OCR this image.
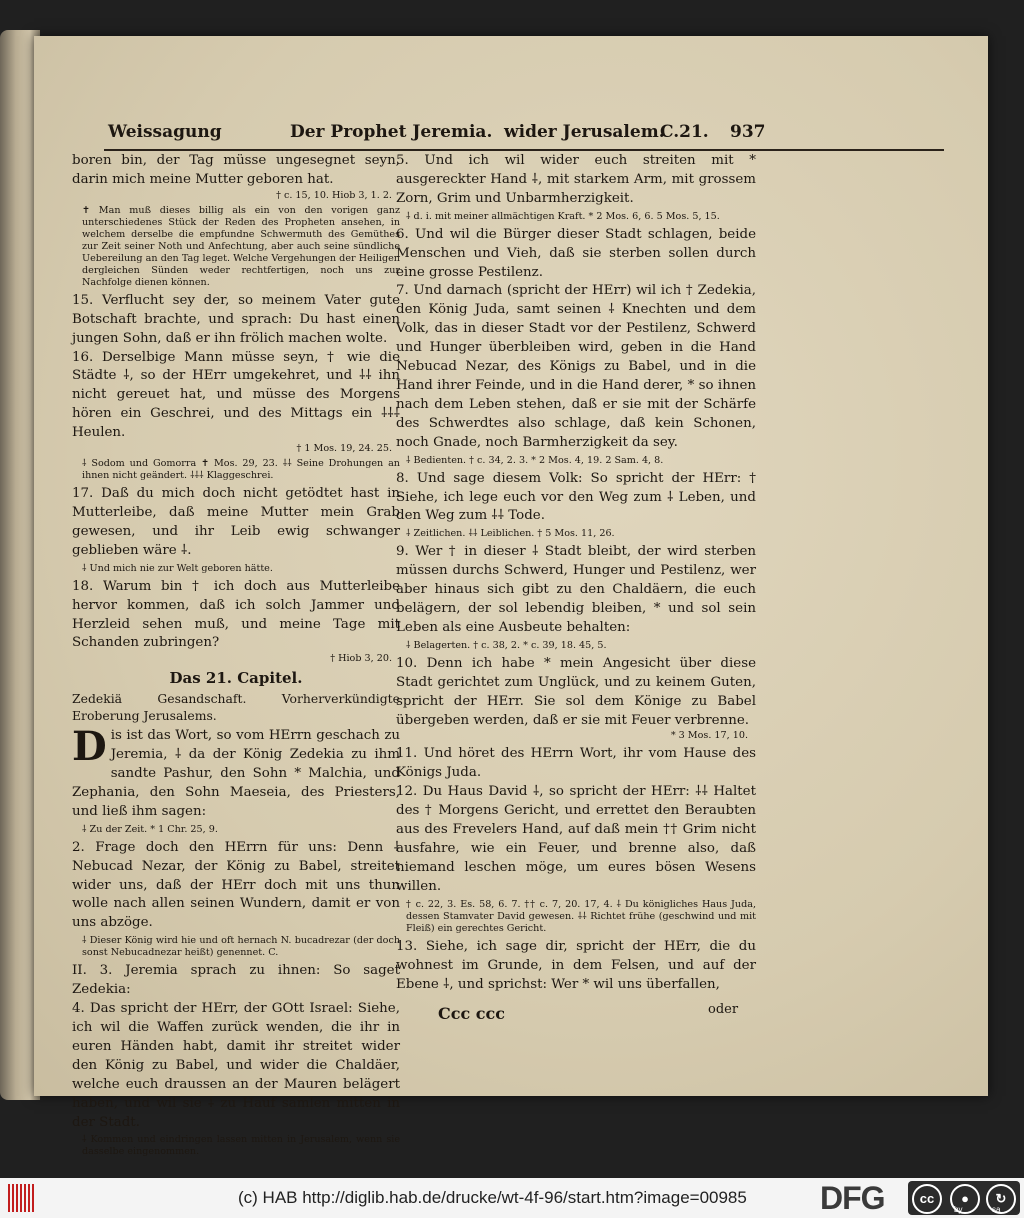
Weissagung	Der Prophet Jeremia. wider Jerusalem.
C.21. 937

boren bin, der Tag müsse ungesegnet seyn, darin mich meine Mutter geboren hat.

† c. 15, 10. Hiob 3, 1. 2.

✝ Man muß dieses billig als ein von den vorigen ganz unterschiedenes Stück der Reden des Propheten ansehen, in welchem derselbe die empfundne Schwermuth des Gemüthes zur Zeit seiner Noth und Anfechtung, aber auch seine sündliche Uebereilung an den Tag leget. Welche Vergehungen der Heiligen dergleichen Sünden weder rechtfertigen, noch uns zur Nachfolge dienen können.

15. Verflucht sey der, so meinem Vater gute Botschaft brachte, und sprach: Du hast einen jungen Sohn, daß er ihn frölich machen wolte.

16. Derselbige Mann müsse seyn, † wie die Städte ⸸, so der HErr umgekehret, und ⸸⸸ ihn nicht gereuet hat, und müsse des Morgens hören ein Geschrei, und des Mittags ein ⸸⸸⸸ Heulen.

† 1 Mos. 19, 24. 25.

⸸ Sodom und Gomorra ✝ Mos. 29, 23. ⸸⸸ Seine Drohungen an ihnen nicht geändert. ⸸⸸⸸ Klaggeschrei.

17. Daß du mich doch nicht getödtet hast in Mutterleibe, daß meine Mutter mein Grab gewesen, und ihr Leib ewig schwanger geblieben wäre ⸸.

⸸ Und mich nie zur Welt geboren hätte.

18. Warum bin † ich doch aus Mutterleibe hervor kommen, daß ich solch Jammer und Herzleid sehen muß, und meine Tage mit Schanden zubringen?

† Hiob 3, 20.

Das 21. Capitel.

Zedekiä Gesandschaft. Vorherverkündigte Eroberung Jerusalems.

Dis ist das Wort, so vom HErrn geschach zu Jeremia, ⸸ da der König Zedekia zu ihm sandte Pashur, den Sohn * Malchia, und Zephania, den Sohn Maeseia, des Priesters, und ließ ihm sagen:

⸸ Zu der Zeit. * 1 Chr. 25, 9.

2. Frage doch den HErrn für uns: Denn ⸸ Nebucad Nezar, der König zu Babel, streitet wider uns, daß der HErr doch mit uns thun wolle nach allen seinen Wundern, damit er von uns abzöge.

⸸ Dieser König wird hie und oft hernach N. bucadrezar (der doch sonst Nebucadnezar heißt) genennet. C.

II. 3. Jeremia sprach zu ihnen: So saget Zedekia:

4. Das spricht der HErr, der GOtt Israel: Siehe, ich wil die Waffen zurück wenden, die ihr in euren Händen habt, damit ihr streitet wider den König zu Babel, und wider die Chaldäer, welche euch draussen an der Mauren belägert haben, und wil sie ⸸ zu Hauf samlen mitten in der Stadt.

⸸ Kommen und eindringen lassen mitten in Jerusalem, wenn sie dasselbe eingenommen.

5. Und ich wil wider euch streiten mit * ausgereckter Hand ⸸, mit starkem Arm, mit grossem Zorn, Grim und Unbarmherzigkeit.

⸸ d. i. mit meiner allmächtigen Kraft. * 2 Mos. 6, 6. 5 Mos. 5, 15.

6. Und wil die Bürger dieser Stadt schlagen, beide Menschen und Vieh, daß sie sterben sollen durch eine grosse Pestilenz.

7. Und darnach (spricht der HErr) wil ich † Zedekia, den König Juda, samt seinen ⸸ Knechten und dem Volk, das in dieser Stadt vor der Pestilenz, Schwerd und Hunger überbleiben wird, geben in die Hand Nebucad Nezar, des Königs zu Babel, und in die Hand ihrer Feinde, und in die Hand derer, * so ihnen nach dem Leben stehen, daß er sie mit der Schärfe des Schwerdtes also schlage, daß kein Schonen, noch Gnade, noch Barmherzigkeit da sey.

⸸ Bedienten. † c. 34, 2. 3. * 2 Mos. 4, 19. 2 Sam. 4, 8.

8. Und sage diesem Volk: So spricht der HErr: † Siehe, ich lege euch vor den Weg zum ⸸ Leben, und den Weg zum ⸸⸸ Tode.

⸸ Zeitlichen. ⸸⸸ Leiblichen. † 5 Mos. 11, 26.

9. Wer † in dieser ⸸ Stadt bleibt, der wird sterben müssen durchs Schwerd, Hunger und Pestilenz, wer aber hinaus sich gibt zu den Chaldäern, die euch belägern, der sol lebendig bleiben, * und sol sein Leben als eine Ausbeute behalten:

⸸ Belagerten. † c. 38, 2. * c. 39, 18. 45, 5.

10. Denn ich habe * mein Angesicht über diese Stadt gerichtet zum Unglück, und zu keinem Guten, spricht der HErr. Sie sol dem Könige zu Babel übergeben werden, daß er sie mit Feuer verbrenne.

* 3 Mos. 17, 10.

11. Und höret des HErrn Wort, ihr vom Hause des Königs Juda.

12. Du Haus David ⸸, so spricht der HErr: ⸸⸸ Haltet des † Morgens Gericht, und errettet den Beraubten aus des Frevelers Hand, auf daß mein †† Grim nicht ausfahre, wie ein Feuer, und brenne also, daß niemand leschen möge, um eures bösen Wesens willen.

† c. 22, 3. Es. 58, 6. 7. †† c. 7, 20. 17, 4. ⸸ Du königliches Haus Juda, dessen Stamvater David gewesen. ⸸⸸ Richtet frühe (geschwind und mit Fleiß) ein gerechtes Gericht.

13. Siehe, ich sage dir, spricht der HErr, die du wohnest im Grunde, in dem Felsen, und auf der Ebene ⸸, und sprichst: Wer * wil uns überfallen,

Ccc ccc	oder
(c) HAB http://diglib.hab.de/drucke/wt-4f-96/start.htm?image=00985 DFG	cc	●	↻
by	sa
